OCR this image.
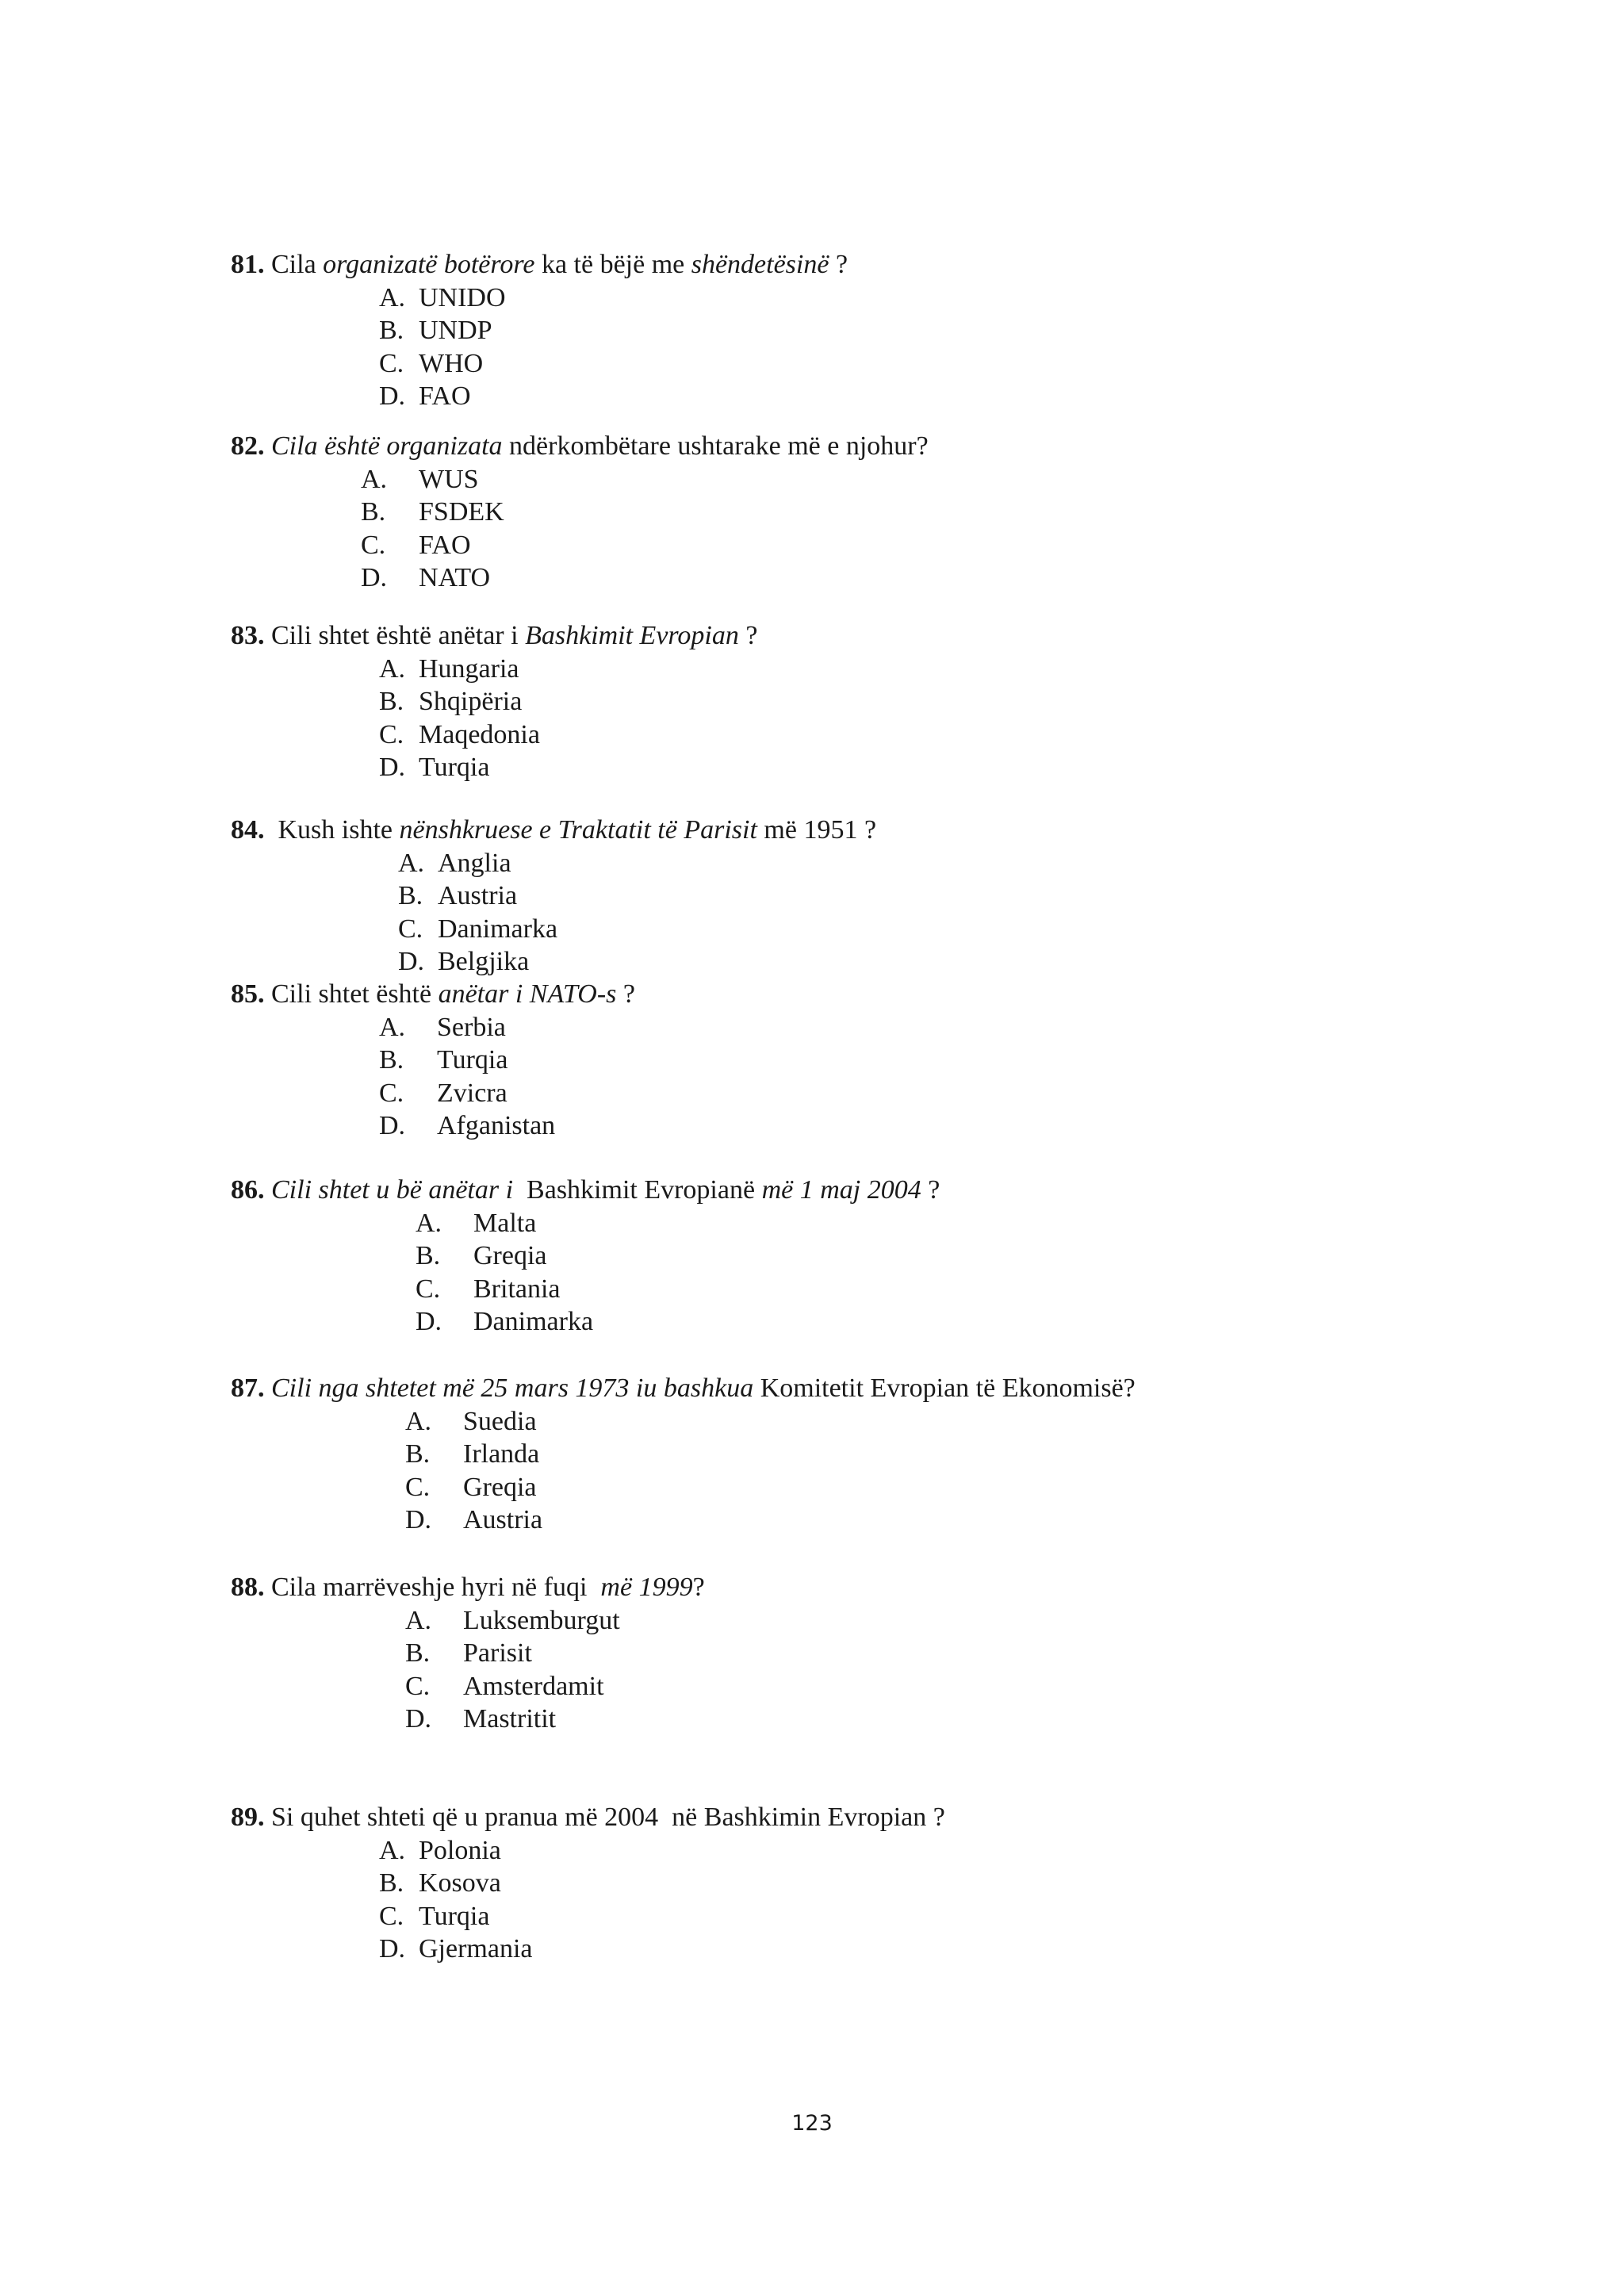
81. Cila organizatë botërore ka të bëjë me shëndetësinë ?
A. UNIDO
B. UNDP
C. WHO
D. FAO
82. Cila është organizata ndërkombëtare ushtarake më e njohur?
A.	WUS
B.	FSDEK
C.	FAO
D.	NATO
83. Cili shtet është anëtar i Bashkimit Evropian ?
A. Hungaria
B. Shqipëria
C. Maqedonia
D. Turqia
84.  Kush ishte nënshkruese e Traktatit të Parisit më 1951 ?
A. Anglia
B. Austria
C. Danimarka
D. Belgjika
85. Cili shtet është anëtar i NATO-s ?
A.	Serbia
B.	Turqia
C.	Zvicra
D.	Afganistan
86. Cili shtet u bë anëtar i  Bashkimit Evropianë më 1 maj 2004 ?
A.	Malta
B.	Greqia
C.	Britania
D.	Danimarka
87. Cili nga shtetet më 25 mars 1973 iu bashkua Komitetit Evropian të Ekonomisë?
A.	Suedia
B.	Irlanda
C.	Greqia
D.	Austria
88. Cila marrëveshje hyri në fuqi  më 1999?
A.	Luksemburgut
B.	Parisit
C.	Amsterdamit
D.	Mastritit
89. Si quhet shteti që u pranua më 2004  në Bashkimin Evropian ?
A. Polonia
B. Kosova
C. Turqia
D. Gjermania
123
